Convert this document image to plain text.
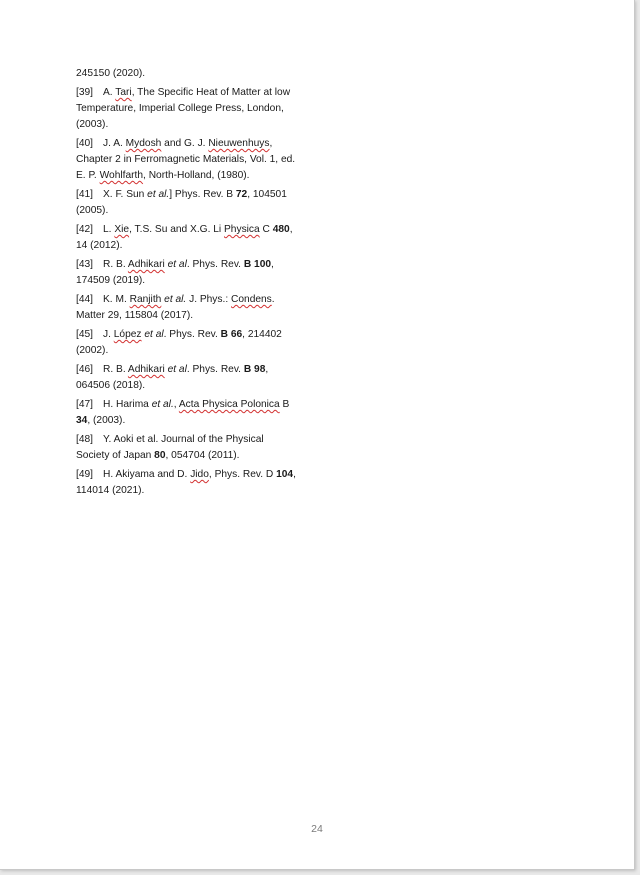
245150 (2020).
[39] A. Tari, The Specific Heat of Matter at low Temperature, Imperial College Press, London, (2003).
[40] J. A. Mydosh and G. J. Nieuwenhuys, Chapter 2 in Ferromagnetic Materials, Vol. 1, ed. E. P. Wohlfarth, North-Holland, (1980).
[41] X. F. Sun et al.] Phys. Rev. B 72, 104501 (2005).
[42] L. Xie, T.S. Su and X.G. Li Physica C 480, 14 (2012).
[43] R. B. Adhikari et al. Phys. Rev. B 100, 174509 (2019).
[44] K. M. Ranjith et al. J. Phys.: Condens. Matter 29, 115804 (2017).
[45] J. López et al. Phys. Rev. B 66, 214402 (2002).
[46] R. B. Adhikari et al. Phys. Rev. B 98, 064506 (2018).
[47] H. Harima et al., Acta Physica Polonica B 34, (2003).
[48] Y. Aoki et al. Journal of the Physical Society of Japan 80, 054704 (2011).
[49] H. Akiyama and D. Jido, Phys. Rev. D 104, 114014 (2021).
24
